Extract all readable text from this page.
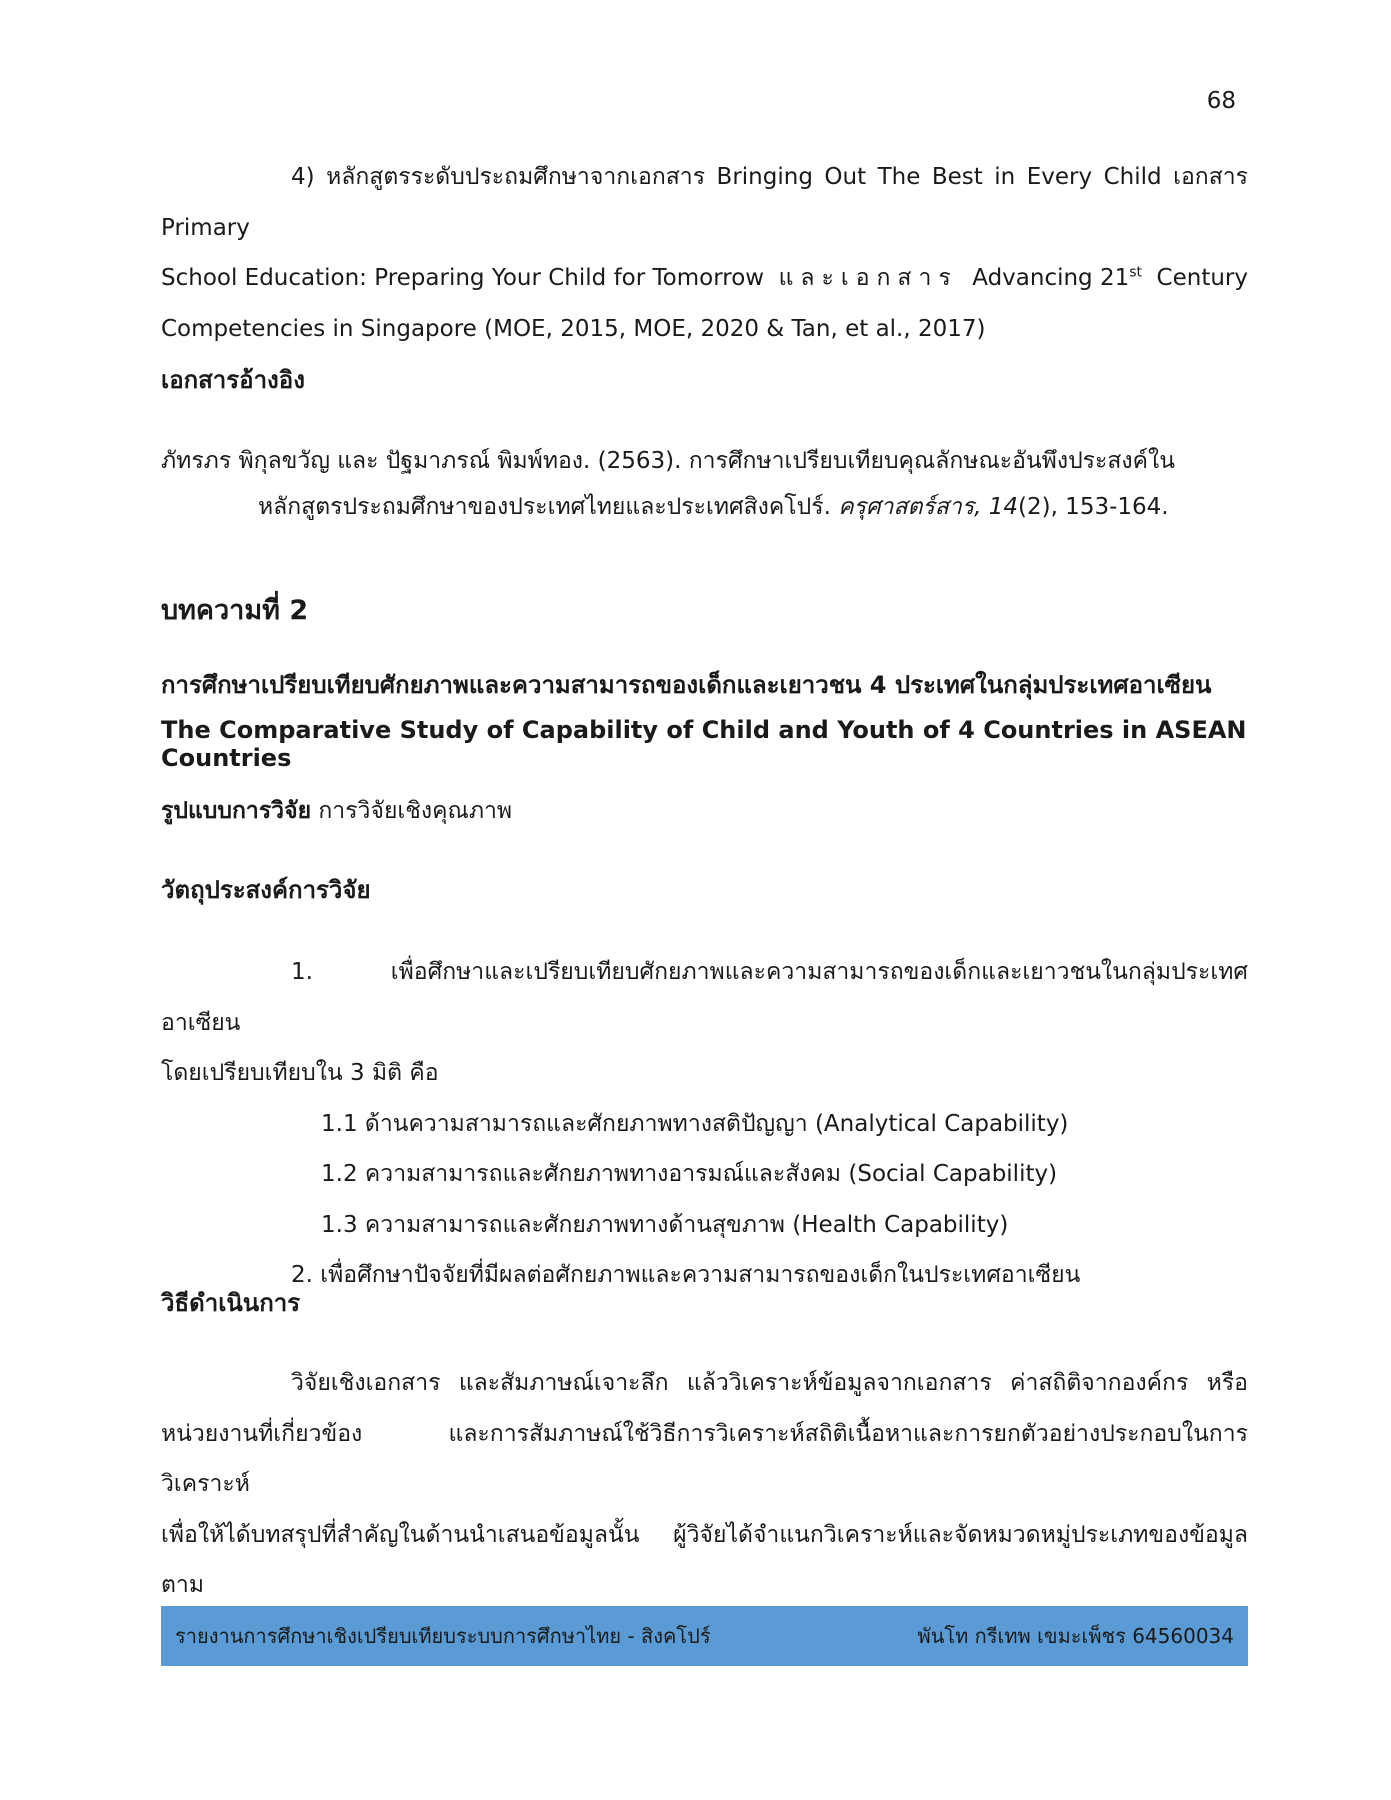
68
4) หลักสูตรระดับประถมศึกษาจากเอกสาร Bringing Out The Best in Every Child เอกสาร Primary
School Education: Preparing Your Child for Tomorrow และเอกสาร Advancing 21st Century
Competencies in Singapore (MOE, 2015, MOE, 2020 & Tan, et al., 2017)
เอกสารอ้างอิง
ภัทรภร พิกุลขวัญ และ ปัฐมาภรณ์ พิมพ์ทอง. (2563). การศึกษาเปรียบเทียบคุณลักษณะอันพึงประสงค์ใน
หลักสูตรประถมศึกษาของประเทศไทยและประเทศสิงคโปร์. ครุศาสตร์สาร, 14(2), 153-164.
บทความที่ 2
การศึกษาเปรียบเทียบศักยภาพและความสามารถของเด็กและเยาวชน 4 ประเทศในกลุ่มประเทศอาเซียน
The Comparative Study of Capability of Child and Youth of 4 Countries in ASEAN Countries
รูปแบบการวิจัย การวิจัยเชิงคุณภาพ
วัตถุประสงค์การวิจัย
1. เพื่อศึกษาและเปรียบเทียบศักยภาพและความสามารถของเด็กและเยาวชนในกลุ่มประเทศอาเซียน
โดยเปรียบเทียบใน 3 มิติ คือ
1.1 ด้านความสามารถและศักยภาพทางสติปัญญา (Analytical Capability)
1.2 ความสามารถและศักยภาพทางอารมณ์และสังคม (Social Capability)
1.3 ความสามารถและศักยภาพทางด้านสุขภาพ (Health Capability)
2. เพื่อศึกษาปัจจัยที่มีผลต่อศักยภาพและความสามารถของเด็กในประเทศอาเซียน
วิธีดำเนินการ
วิจัยเชิงเอกสาร และสัมภาษณ์เจาะลึก แล้ววิเคราะห์ข้อมูลจากเอกสาร ค่าสถิติจากองค์กร หรือ
หน่วยงานที่เกี่ยวข้อง และการสัมภาษณ์ใช้วิธีการวิเคราะห์สถิติเนื้อหาและการยกตัวอย่างประกอบในการวิเคราะห์
เพื่อให้ได้บทสรุปที่สำคัญในด้านนำเสนอข้อมูลนั้น ผู้วิจัยได้จำแนกวิเคราะห์และจัดหมวดหมู่ประเภทของข้อมูลตาม
รายงานการศึกษาเชิงเปรียบเทียบระบบการศึกษาไทย - สิงคโปร์	พันโท กรีเทพ เขมะเพ็ชร 64560034
